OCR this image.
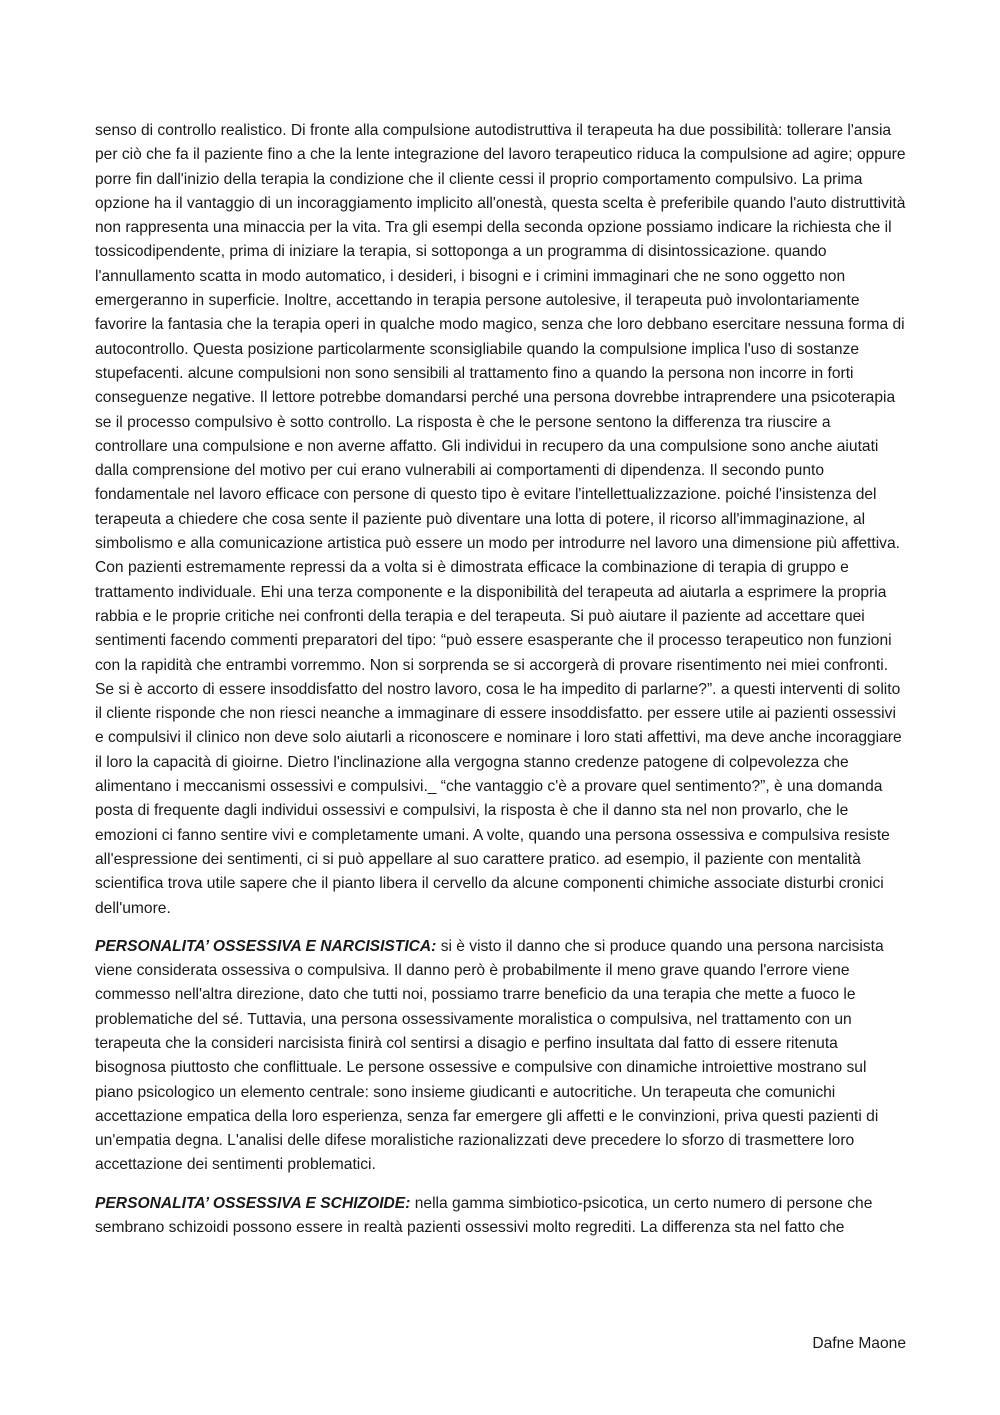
senso di controllo realistico. Di fronte alla compulsione autodistruttiva il terapeuta ha due possibilità: tollerare l'ansia per ciò che fa il paziente fino a che la lente integrazione del lavoro terapeutico riduca la compulsione ad agire; oppure porre fin dall'inizio della terapia la condizione che il cliente cessi il proprio comportamento compulsivo. La prima opzione ha il vantaggio di un incoraggiamento implicito all'onestà, questa scelta è preferibile quando l'auto distruttività non rappresenta una minaccia per la vita. Tra gli esempi della seconda opzione possiamo indicare la richiesta che il tossicodipendente, prima di iniziare la terapia, si sottoponga a un programma di disintossicazione. quando l'annullamento scatta in modo automatico, i desideri, i bisogni e i crimini immaginari che ne sono oggetto non emergeranno in superficie. Inoltre, accettando in terapia persone autolesive, il terapeuta può involontariamente favorire la fantasia che la terapia operi in qualche modo magico, senza che loro debbano esercitare nessuna forma di autocontrollo. Questa posizione particolarmente sconsigliabile quando la compulsione implica l'uso di sostanze stupefacenti. alcune compulsioni non sono sensibili al trattamento fino a quando la persona non incorre in forti conseguenze negative. Il lettore potrebbe domandarsi perché una persona dovrebbe intraprendere una psicoterapia se il processo compulsivo è sotto controllo. La risposta è che le persone sentono la differenza tra riuscire a controllare una compulsione e non averne affatto. Gli individui in recupero da una compulsione sono anche aiutati dalla comprensione del motivo per cui erano vulnerabili ai comportamenti di dipendenza. Il secondo punto fondamentale nel lavoro efficace con persone di questo tipo è evitare l'intellettualizzazione. poiché l'insistenza del terapeuta a chiedere che cosa sente il paziente può diventare una lotta di potere, il ricorso all'immaginazione, al simbolismo e alla comunicazione artistica può essere un modo per introdurre nel lavoro una dimensione più affettiva. Con pazienti estremamente repressi da a volta si è dimostrata efficace la combinazione di terapia di gruppo e trattamento individuale. Ehi una terza componente e la disponibilità del terapeuta ad aiutarla a esprimere la propria rabbia e le proprie critiche nei confronti della terapia e del terapeuta. Si può aiutare il paziente ad accettare quei sentimenti facendo commenti preparatori del tipo: “può essere esasperante che il processo terapeutico non funzioni con la rapidità che entrambi vorremmo. Non si sorprenda se si accorgerà di provare risentimento nei miei confronti. Se si è accorto di essere insoddisfatto del nostro lavoro, cosa le ha impedito di parlarne?”. a questi interventi di solito il cliente risponde che non riesci neanche a immaginare di essere insoddisfatto. per essere utile ai pazienti ossessivi e compulsivi il clinico non deve solo aiutarli a riconoscere e nominare i loro stati affettivi, ma deve anche incoraggiare il loro la capacità di gioirne. Dietro l'inclinazione alla vergogna stanno credenze patogene di colpevolezza che alimentano i meccanismi ossessivi e compulsivi._ “che vantaggio c'è a provare quel sentimento?”, è una domanda posta di frequente dagli individui ossessivi e compulsivi, la risposta è che il danno sta nel non provarlo, che le emozioni ci fanno sentire vivi e completamente umani. A volte, quando una persona ossessiva e compulsiva resiste all'espressione dei sentimenti, ci si può appellare al suo carattere pratico. ad esempio, il paziente con mentalità scientifica trova utile sapere che il pianto libera il cervello da alcune componenti chimiche associate disturbi cronici dell'umore.

PERSONALITA’ OSSESSIVA E NARCISISTICA: si è visto il danno che si produce quando una persona narcisista viene considerata ossessiva o compulsiva. Il danno però è probabilmente il meno grave quando l'errore viene commesso nell'altra direzione, dato che tutti noi, possiamo trarre beneficio da una terapia che mette a fuoco le problematiche del sé. Tuttavia, una persona ossessivamente moralistica o compulsiva, nel trattamento con un terapeuta che la consideri narcisista finirà col sentirsi a disagio e perfino insultata dal fatto di essere ritenuta bisognosa piuttosto che conflittuale. Le persone ossessive e compulsive con dinamiche introiettive mostrano sul piano psicologico un elemento centrale: sono insieme giudicanti e autocritiche. Un terapeuta che comunichi accettazione empatica della loro esperienza, senza far emergere gli affetti e le convinzioni, priva questi pazienti di un'empatia degna. L'analisi delle difese moralistiche razionalizzati deve precedere lo sforzo di trasmettere loro accettazione dei sentimenti problematici.

PERSONALITA’ OSSESSIVA E SCHIZOIDE: nella gamma simbiotico-psicotica, un certo numero di persone che sembrano schizoidi possono essere in realtà pazienti ossessivi molto regrediti. La differenza sta nel fatto che

Dafne Maone
